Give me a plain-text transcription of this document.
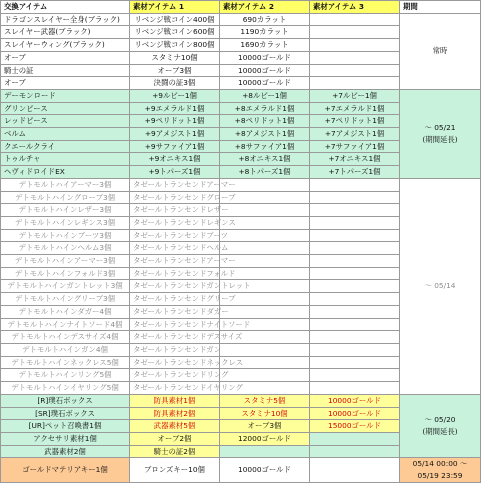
交換アイテム	素材アイテム 1	素材アイテム 2	素材アイテム 3	期間
ドラゴンスレイヤー全身(ブラック)	リベンジ戦コイン400個	690カラット		常時
スレイヤー武器(ブラック)	リベンジ戦コイン600個	1190カラット		
スレイヤーウィング(ブラック)	リベンジ戦コイン800個	1690カラット		
オーブ	スタミナ10個	10000ゴールド		
騎士の証	オーブ3個	10000ゴールド		
オーブ	決闘の証3個	10000ゴールド		
デーモンロード	+9ルビー1個	+8ルビー1個	+7ルビー1個	～ 05/21
(期間延長)
グリンピース	+9エメラルド1個	+8エメラルド1個	+7エメラルド1個	
レッドピース	+9ペリドット1個	+8ペリドット1個	+7ペリドット1個	
ベルム	+9アメジスト1個	+8アメジスト1個	+7アメジスト1個	
クエールクライ	+9サファイア1個	+8サファイア1個	+7サファイア1個	
トゥルチャ	+9オニキス1個	+8オニキス1個	+7オニキス1個	
ヘヴィドロイドEX	+9トパーズ1個	+8トパーズ1個	+7トパーズ1個	
デトモルトハイアーマー3個	タゼールトランセンドアーマー			～ 05/14
デトモルトハイングローブ3個	タゼールトランセンドグローブ			
デトモルトハインレザー3個	タゼールトランセンドレザー			
デトモルトハインレギンス3個	タゼールトランセンドレギンス			
デトモルトハインブーツ3個	タゼールトランセンドブーツ			
デトモルトハインヘルム3個	タゼールトランセンドヘルム			
デトモルトハインアーマー3個	タゼールトランセンドアーマー			
デトモルトハインフォルド3個	タゼールトランセンドフォルド			
デトモルトハインガントレット3個	タゼールトランセンドガントレット			
デトモルトハイングリーブ3個	タゼールトランセンドグリーブ			
デトモルトハインダガー4個	タゼールトランセンドダガー			
デトモルトハインナイトソード4個	タゼールトランセンドナイトソード			
デトモルトハインデスサイズ4個	タゼールトランセンドデスサイズ			
デトモルトハインガン4個	タゼールトランセンドガン			
デトモルトハインネックレス5個	タゼールトランセンドネックレス			
デトモルトハインリング5個	タゼールトランセンドリング			
デトモルトハインイヤリング5個	タゼールトランセンドイヤリング			
[R]璞石ボックス	防具素材1個	スタミナ5個	10000ゴールド	～ 05/20
(期間延長)
[SR]璞石ボックス	防具素材2個	スタミナ10個	10000ゴールド	
[UR]ペット召喚書1個	武器素材5個	オーブ3個	15000ゴールド	
アクセサリ素材1個	オーブ2個	12000ゴールド		
武器素材2個	騎士の証2個			
ゴールドマテリアキー1個	ブロンズキー10個	10000ゴールド		05/14 00:00 ～
05/19 23:59
